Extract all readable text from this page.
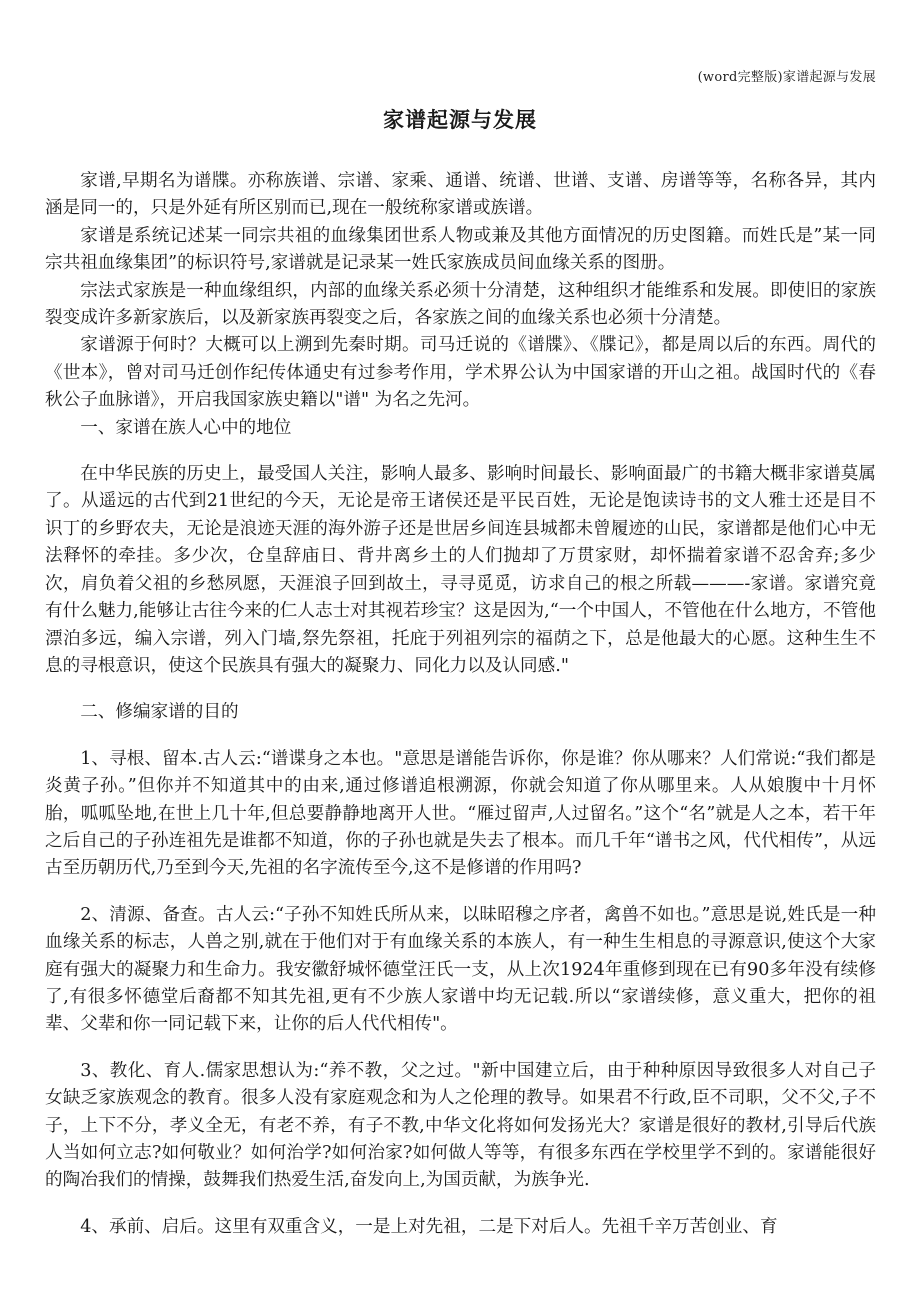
(word完整版)家谱起源与发展
家谱起源与发展

家谱,早期名为谱牒。亦称族谱、宗谱、家乘、通谱、统谱、世谱、支谱、房谱等等，名称各异，其内涵是同一的，只是外延有所区别而已,现在一般统称家谱或族谱。

家谱是系统记述某一同宗共祖的血缘集团世系人物或兼及其他方面情况的历史图籍。而姓氏是”某一同宗共祖血缘集团”的标识符号,家谱就是记录某一姓氏家族成员间血缘关系的图册。

宗法式家族是一种血缘组织，内部的血缘关系必须十分清楚，这种组织才能维系和发展。即使旧的家族裂变成许多新家族后，以及新家族再裂变之后，各家族之间的血缘关系也必须十分清楚。

家谱源于何时？大概可以上溯到先秦时期。司马迁说的《谱牒》、《牒记》，都是周以后的东西。周代的《世本》，曾对司马迁创作纪传体通史有过参考作用，学术界公认为中国家谱的开山之祖。战国时代的《春秋公子血脉谱》，开启我国家族史籍以"谱" 为名之先河。

一、家谱在族人心中的地位

在中华民族的历史上，最受国人关注，影响人最多、影响时间最长、影响面最广的书籍大概非家谱莫属了。从遥远的古代到21世纪的今天，无论是帝王诸侯还是平民百姓，无论是饱读诗书的文人雅士还是目不识丁的乡野农夫，无论是浪迹天涯的海外游子还是世居乡间连县城都未曾履迹的山民，家谱都是他们心中无法释怀的牵挂。多少次，仓皇辞庙日、背井离乡土的人们抛却了万贯家财，却怀揣着家谱不忍舍弃;多少次，肩负着父祖的乡愁夙愿，天涯浪子回到故土，寻寻觅觅，访求自己的根之所载———-家谱。家谱究竟有什么魅力,能够让古往今来的仁人志士对其视若珍宝？这是因为,“一个中国人，不管他在什么地方，不管他漂泊多远，编入宗谱，列入门墙,祭先祭祖，托庇于列祖列宗的福荫之下，总是他最大的心愿。这种生生不息的寻根意识，使这个民族具有强大的凝聚力、同化力以及认同感."

二、修编家谱的目的

1、寻根、留本.古人云:“谱谍身之本也。"意思是谱能告诉你，你是谁？你从哪来？人们常说:“我们都是炎黄子孙。”但你并不知道其中的由来,通过修谱追根溯源，你就会知道了你从哪里来。人从娘腹中十月怀胎，呱呱坠地,在世上几十年,但总要静静地离开人世。“雁过留声,人过留名。”这个“名”就是人之本，若干年之后自己的子孙连祖先是谁都不知道，你的子孙也就是失去了根本。而几千年“谱书之风，代代相传”，从远古至历朝历代,乃至到今天,先祖的名字流传至今,这不是修谱的作用吗?

2、清源、备查。古人云:“子孙不知姓氏所从来，以昧昭穆之序者，禽兽不如也。”意思是说,姓氏是一种血缘关系的标志，人兽之别,就在于他们对于有血缘关系的本族人，有一种生生相息的寻源意识,使这个大家庭有强大的凝聚力和生命力。我安徽舒城怀德堂汪氏一支，从上次1924年重修到现在已有90多年没有续修了,有很多怀德堂后裔都不知其先祖,更有不少族人家谱中均无记载.所以“家谱续修，意义重大，把你的祖辈、父辈和你一同记载下来，让你的后人代代相传"。

3、教化、育人.儒家思想认为:“养不教，父之过。"新中国建立后，由于种种原因导致很多人对自己子女缺乏家族观念的教育。很多人没有家庭观念和为人之伦理的教导。如果君不行政,臣不司职，父不父,子不子，上下不分，孝义全无，有老不养，有子不教,中华文化将如何发扬光大？家谱是很好的教材,引导后代族人当如何立志?如何敬业？如何治学?如何治家?如何做人等等，有很多东西在学校里学不到的。家谱能很好的陶冶我们的情操，鼓舞我们热爱生活,奋发向上,为国贡献，为族争光.

4、承前、启后。这里有双重含义，一是上对先祖，二是下对后人。先祖千辛万苦创业、育
